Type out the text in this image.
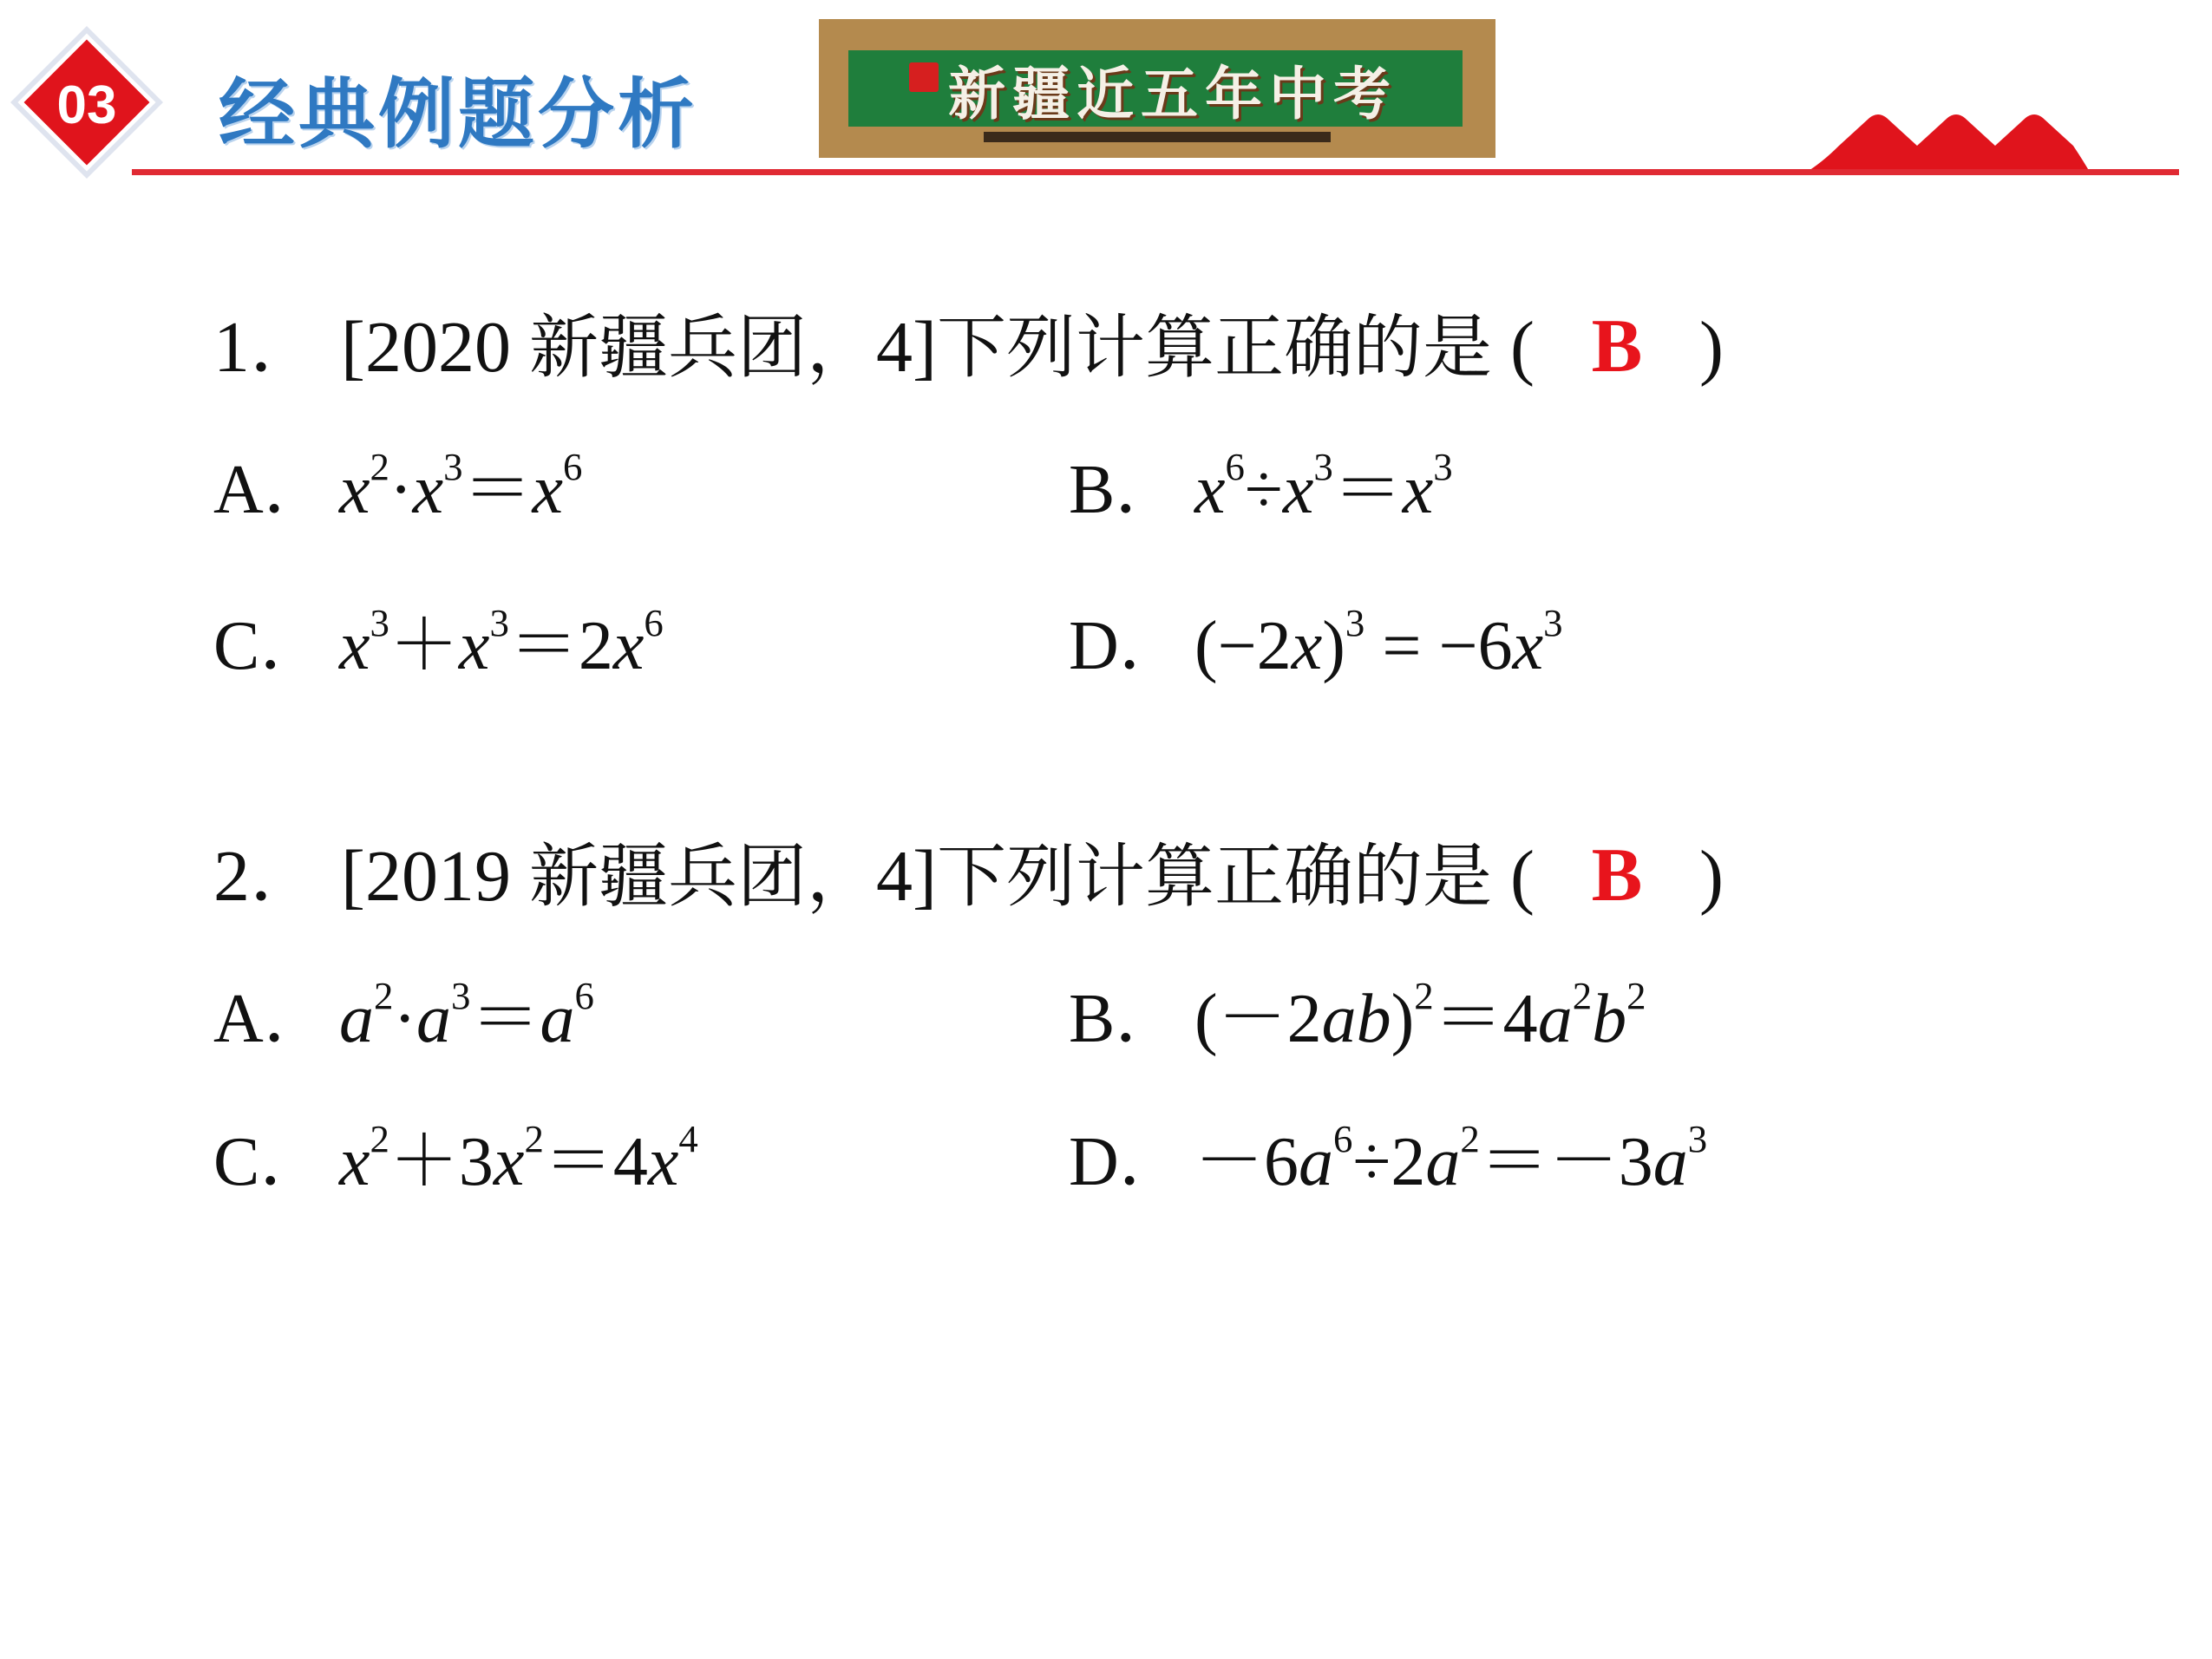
03 经典例题分析	新疆近五年中考
1． [2020 新疆兵团，4]下列计算正确的是 ( B )
A．$x^2\cdot x^3=x^6$	B． $x^6\div x^3=x^3$
C． $x^3+x^3=2x^6$	D．$(-2x)^3 = -6x^3$
2． [2019 新疆兵团，4]下列计算正确的是 ( B )
A．$a^2\cdot a^3=a^6$	B． $(-2ab)^2=4a^2b^2$
C． $x^2+3x^2=4x^4$	D．$-6a^6\div 2a^2=-3a^3$
